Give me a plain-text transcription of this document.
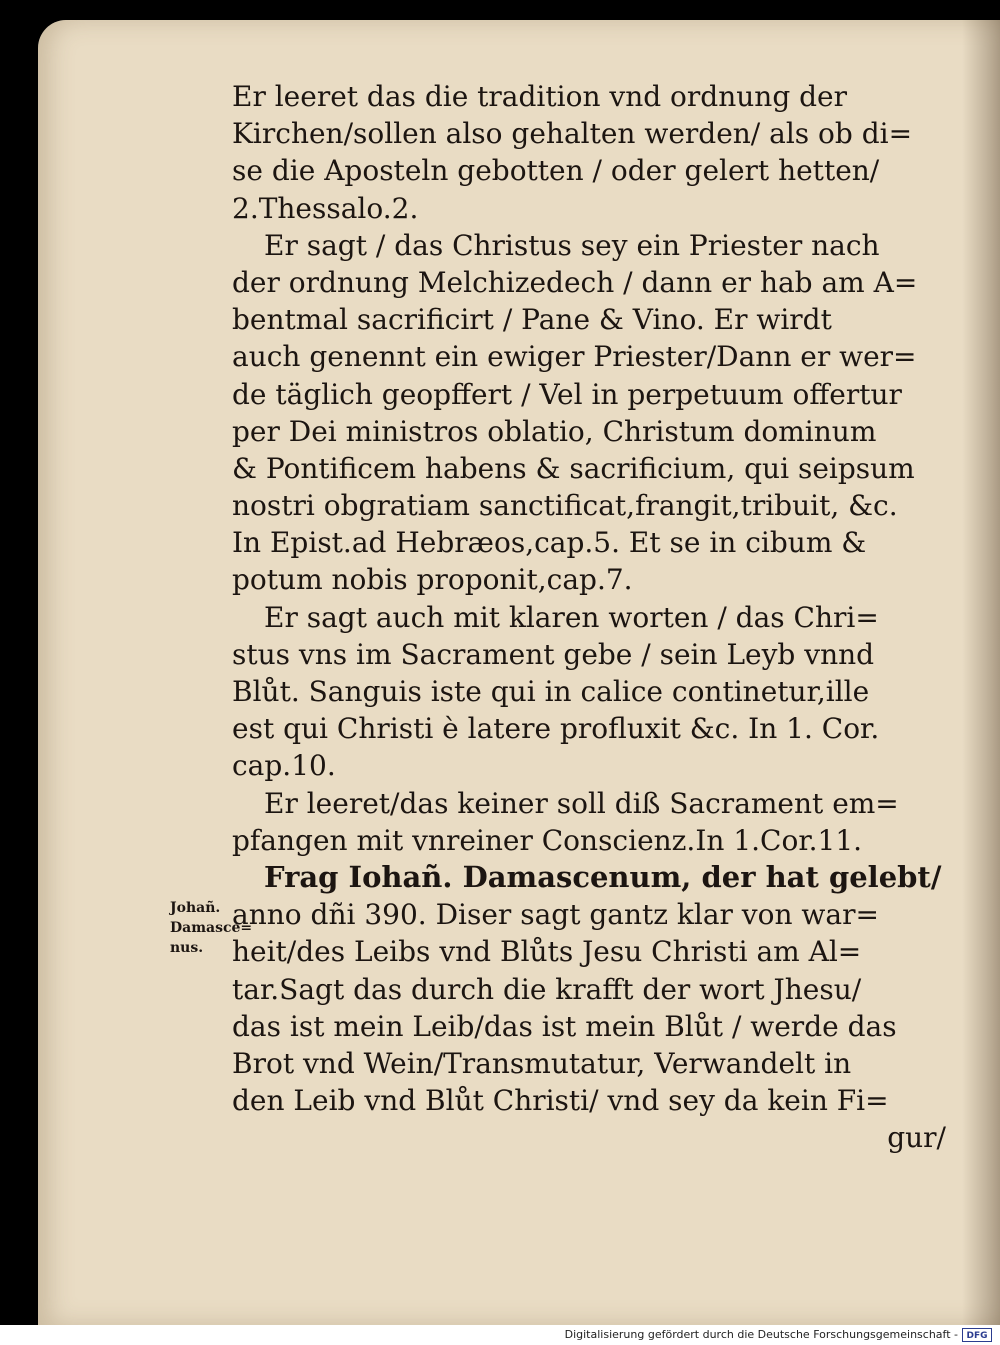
Er leeret das die tradition vnd ordnung der
Kirchen/sollen also gehalten werden/ als ob di=
se die Aposteln gebotten / oder gelert hetten/
2.Thessalo.2.
Er sagt / das Christus sey ein Priester nach
der ordnung Melchizedech / dann er hab am A=
bentmal sacrificirt / Pane & Vino. Er wirdt
auch genennt ein ewiger Priester/Dann er wer=
de täglich geopffert / Vel in perpetuum offertur
per Dei ministros oblatio, Christum dominum
& Pontificem habens & sacrificium, qui seipsum
nostri obgratiam sanctificat,frangit,tribuit, &c.
In Epist.ad Hebræos,cap.5. Et se in cibum &
potum nobis proponit,cap.7.
Er sagt auch mit klaren worten / das Chri=
stus vns im Sacrament gebe / sein Leyb vnnd
Blůt. Sanguis iste qui in calice continetur,ille
est qui Christi è latere profluxit &c. In 1. Cor.
cap.10.
Er leeret/das keiner soll diß Sacrament em=
pfangen mit vnreiner Conscienz.In 1.Cor.11.
Frag Iohañ. Damascenum, der hat gelebt/
anno dñi 390. Diser sagt gantz klar von war=
heit/des Leibs vnd Blůts Jesu Christi am Al=
tar.Sagt das durch die krafft der wort Jhesu/
das ist mein Leib/das ist mein Blůt / werde das
Brot vnd Wein/Transmutatur, Verwandelt in
den Leib vnd Blůt Christi/ vnd sey da kein Fi=
gur/
Johañ.
Damasce=
nus.
Digitalisierung gefördert durch die Deutsche Forschungsgemeinschaft - DFG
